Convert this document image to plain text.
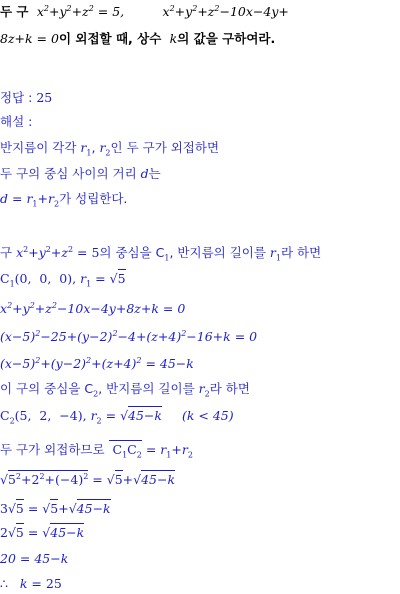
두 구  $x^2+y^2+z^2 = 5$,	$x^2+y^2+z^2-10x-4y+$
8z+k = 0이 외접할 때, 상수  k의 값을 구하여라.
정답 : 25
해설 :
반지름이 각각 $r_1$, $r_2$인 두 구가 외접하면
두 구의 중심 사이의 거리 d는
$d = r_1+r_2$가 성립한다.
구 $x^2+y^2+z^2 = 5$의 중심을 $C_1$, 반지름의 길이를 $r_1$라 하면
$C_1(0$,  0,  0), $r_1 = √5$
$x^2+y^2+z^2-10x-4y+8z+k = 0$
$(x-5)^2-25+(y-2)^2-4+(z+4)^2-16+k = 0$
$(x-5)^2+(y-2)^2+(z+4)^2 = 45-k$
이 구의 중심을 $C_2$, 반지름의 길이를 $r_2$라 하면
$C_2(5$,  2,  −4), $r_2 = √45-k$ (k < 45)
두 구가 외접하므로  $C_1C_2 = r_1+r_2$
$√5^2+2^2+(-4)^2 = √5+√45-k$
3√5 = √5+√45−k
2√5 = √45−k
20 = 45−k
∴ k = 25
